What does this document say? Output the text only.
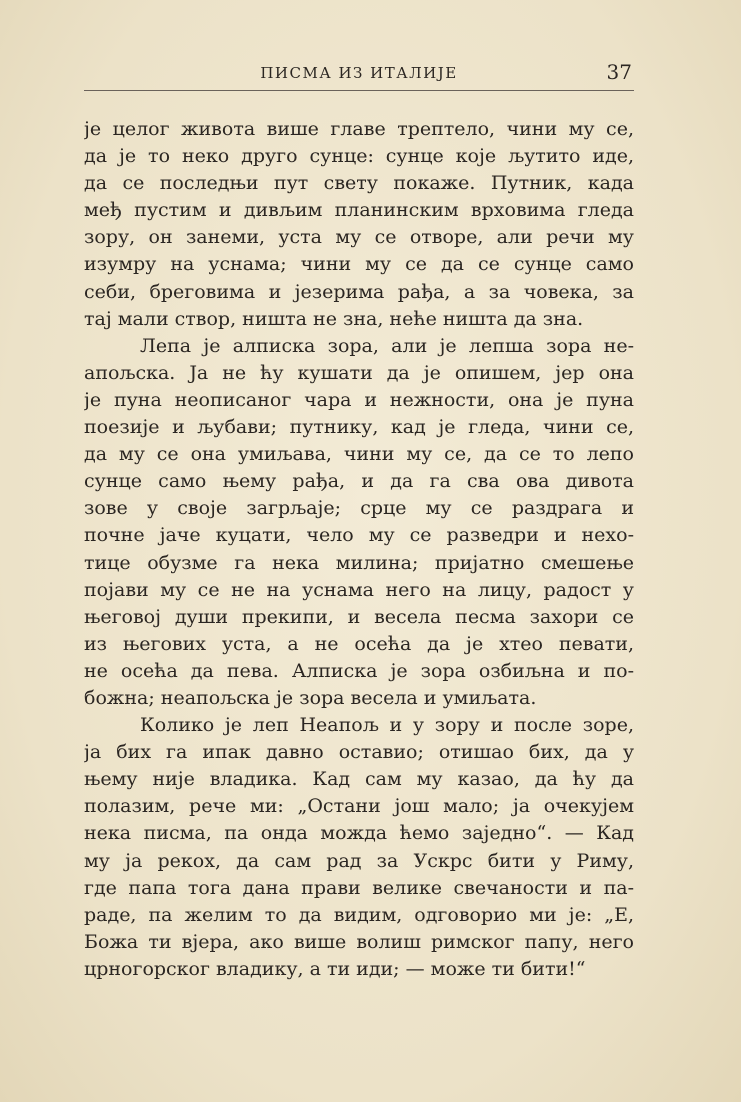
ПИСМА ИЗ ИТАЛИЈЕ	37
је целог живота више главе трептело, чини му се,
да је то неко друго сунце: сунце које љутито иде,
да се последњи пут свету покаже. Путник, када
међ пустим и дивљим планинским врховима гледа
зору, он занеми, уста му се отворе, али речи му
изумру на уснама; чини му се да се сунце само
себи, бреговима и језерима рађа, а за човека, за
тај мали створ, ништа не зна, неће ништа да зна.
Лепа је алписка зора, али је лепша зора не-
апољска. Ја не ћу кушати да је опишем, јер она
је пуна неописаног чара и нежности, она је пуна
поезије и љубави; путнику, кад је гледа, чини се,
да му се она умиљава, чини му се, да се то лепо
сунце само њему рађа, и да га сва ова дивота
зове у своје загрљаје; срце му се раздрага и
почне јаче куцати, чело му се разведри и нехо-
тице обузме га нека милина; пријатно смешење
појави му се не на уснама него на лицу, радост у
његовој души прекипи, и весела песма захори се
из његових уста, а не осећа да је хтео певати,
не осећа да пева. Алписка је зора озбиљна и по-
божна; неапољска је зора весела и умиљата.
Колико је леп Неапољ и у зору и после зоре,
ја бих га ипак давно оставио; отишао бих, да у
њему није владика. Кад сам му казао, да ћу да
полазим, рече ми: „Остани још мало; ја очекујем
нека писма, па онда можда ћемо заједно“. — Кад
му ја рекох, да сам рад за Ускрс бити у Риму,
где папа тога дана прави велике свечаности и па-
раде, па желим то да видим, одговорио ми је: „Е,
Божа ти вјера, ако више волиш римског папу, него
црногорског владику, а ти иди; — може ти бити!“
